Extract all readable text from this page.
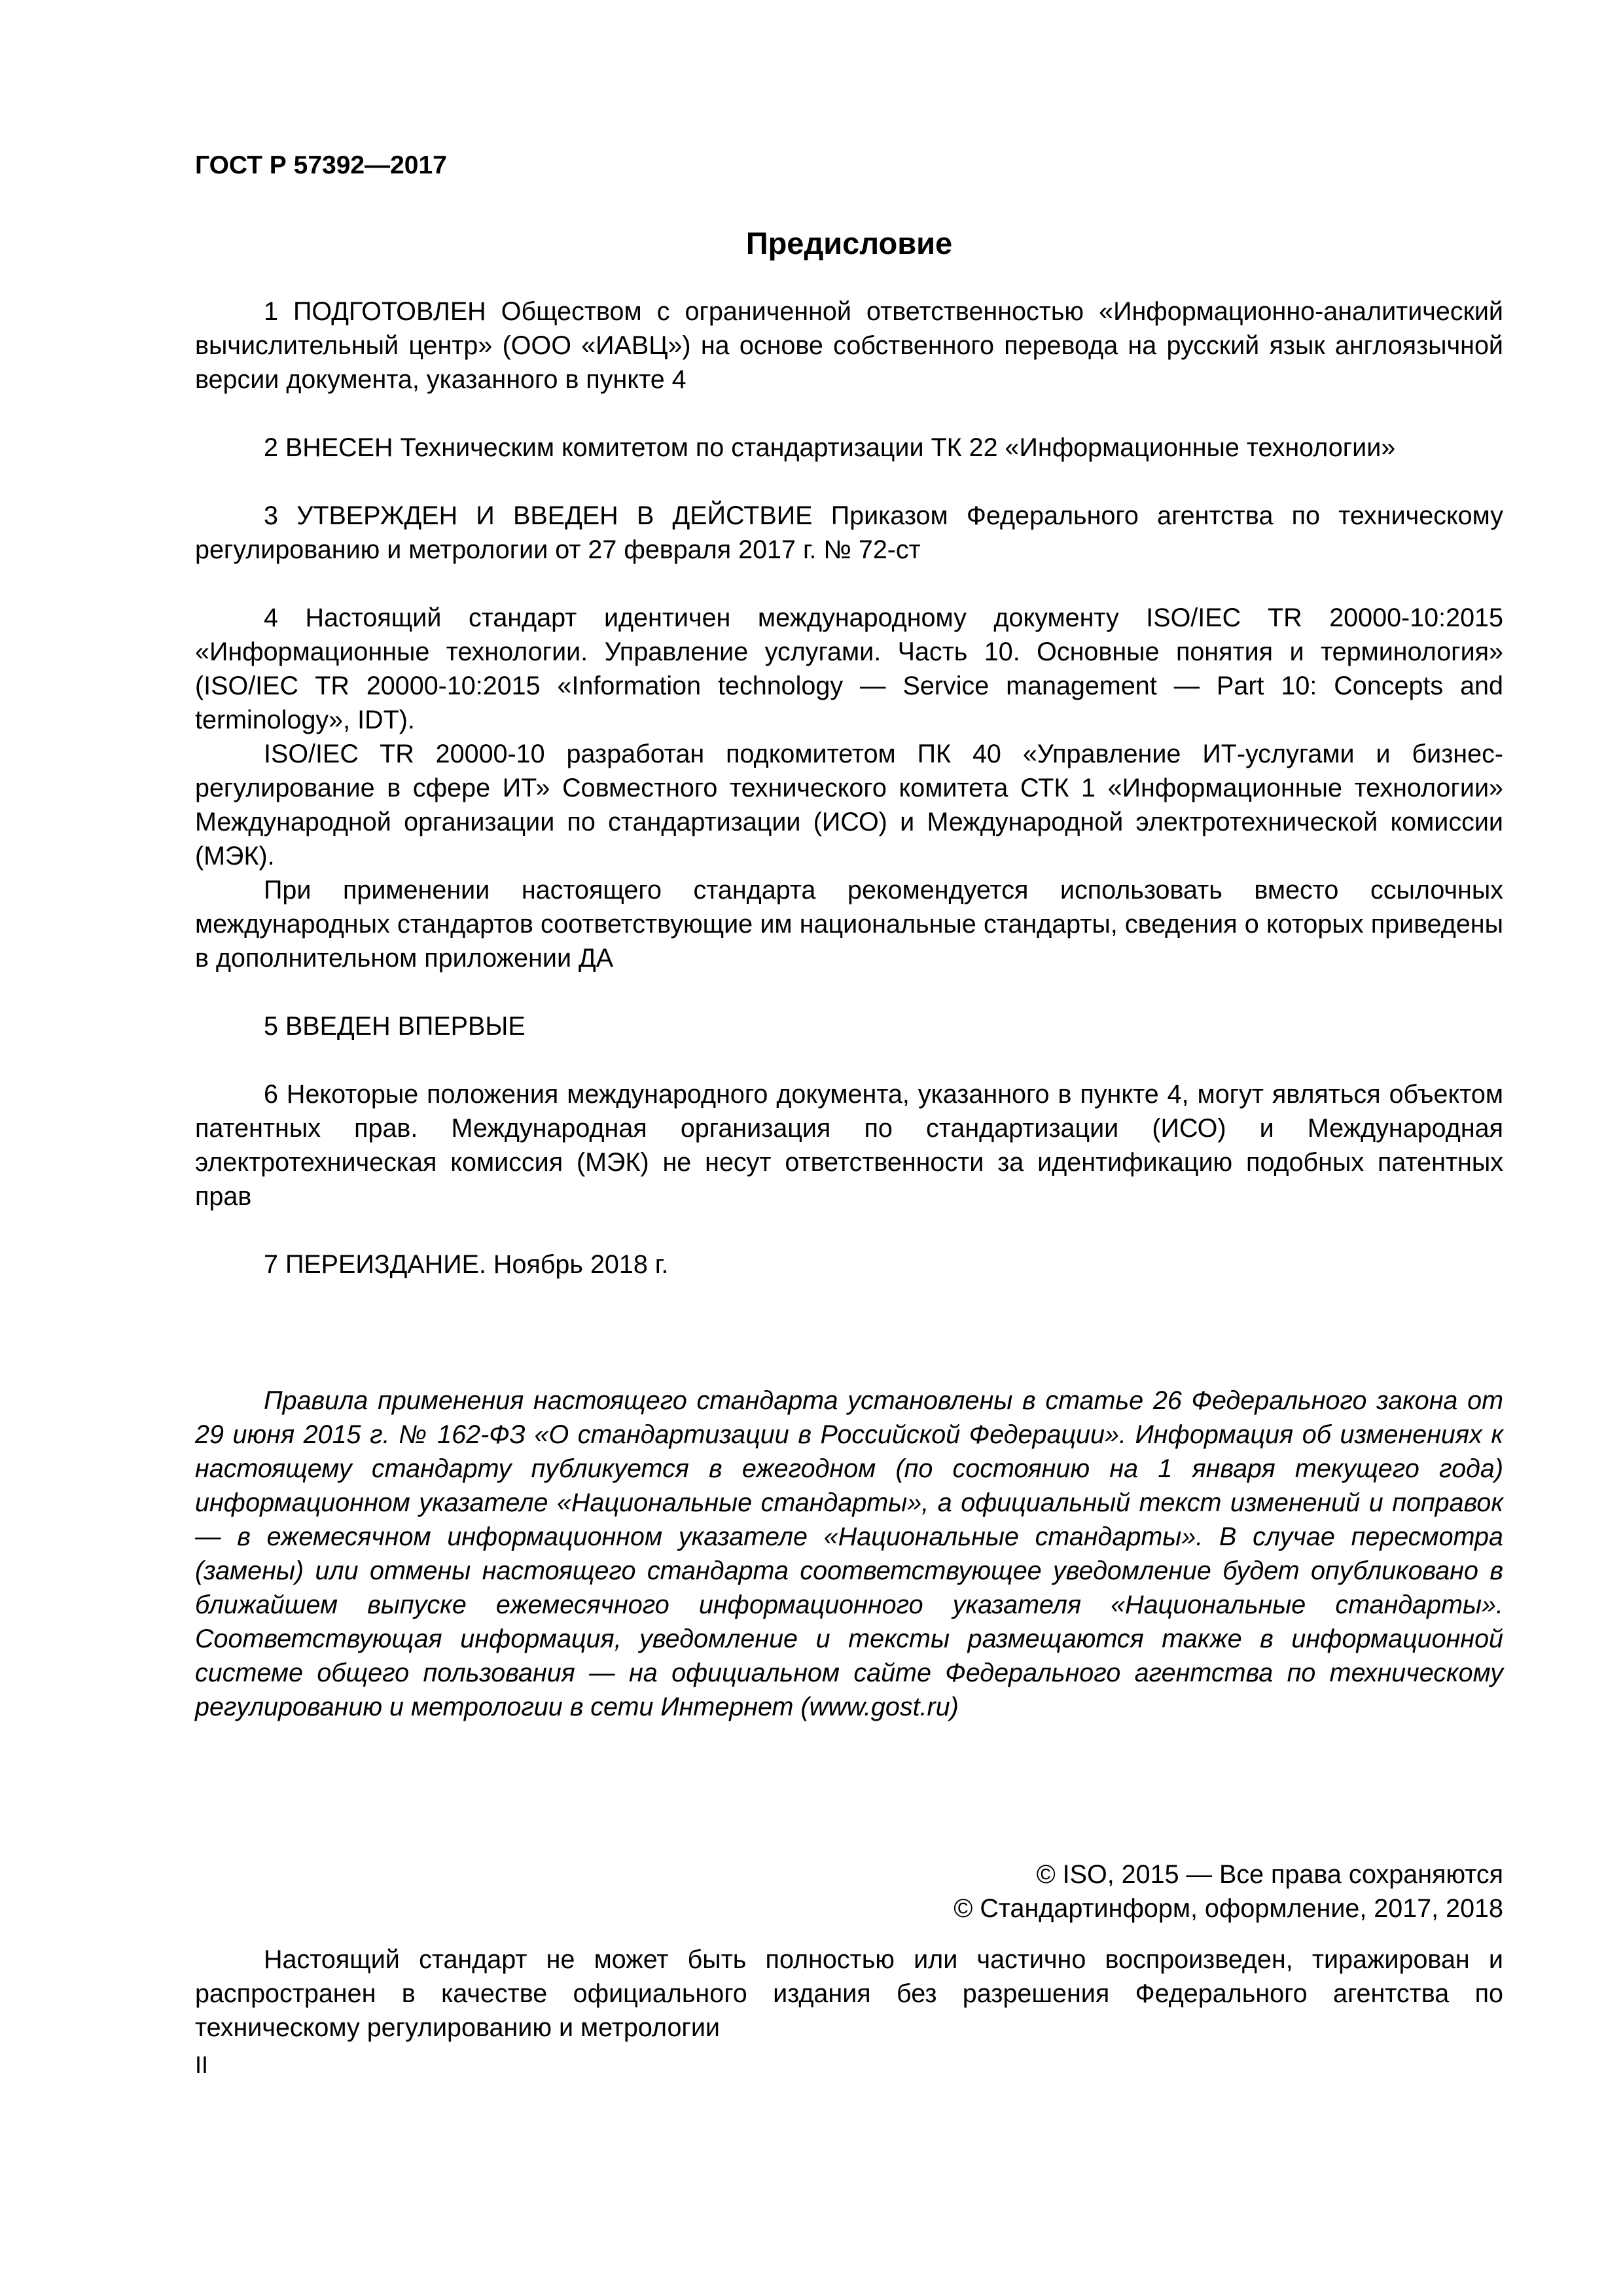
ГОСТ Р 57392—2017
Предисловие

1 ПОДГОТОВЛЕН Обществом с ограниченной ответственностью «Информационно-аналитический вычислительный центр» (ООО «ИАВЦ») на основе собственного перевода на русский язык англоязычной версии документа, указанного в пункте 4

2 ВНЕСЕН Техническим комитетом по стандартизации ТК 22 «Информационные технологии»

3 УТВЕРЖДЕН И ВВЕДЕН В ДЕЙСТВИЕ Приказом Федерального агентства по техническому регулированию и метрологии от 27 февраля 2017 г. № 72-ст

4 Настоящий стандарт идентичен международному документу ISO/IEC TR 20000-10:2015 «Информационные технологии. Управление услугами. Часть 10. Основные понятия и терминология» (ISO/IEC TR 20000-10:2015 «Information technology — Service management — Part 10: Concepts and terminology», IDT).

ISO/IEC TR 20000-10 разработан подкомитетом ПК 40 «Управление ИТ-услугами и бизнес-регулирование в сфере ИТ» Совместного технического комитета СТК 1 «Информационные технологии» Международной организации по стандартизации (ИСО) и Международной электротехнической комиссии (МЭК).

При применении настоящего стандарта рекомендуется использовать вместо ссылочных международных стандартов соответствующие им национальные стандарты, сведения о которых приведены в дополнительном приложении ДА

5 ВВЕДЕН ВПЕРВЫЕ

6 Некоторые положения международного документа, указанного в пункте 4, могут являться объектом патентных прав. Международная организация по стандартизации (ИСО) и Международная электротехническая комиссия (МЭК) не несут ответственности за идентификацию подобных патентных прав

7 ПЕРЕИЗДАНИЕ. Ноябрь 2018 г.

Правила применения настоящего стандарта установлены в статье 26 Федерального закона от 29 июня 2015 г. № 162-ФЗ «О стандартизации в Российской Федерации». Информация об изменениях к настоящему стандарту публикуется в ежегодном (по состоянию на 1 января текущего года) информационном указателе «Национальные стандарты», а официальный текст изменений и поправок — в ежемесячном информационном указателе «Национальные стандарты». В случае пересмотра (замены) или отмены настоящего стандарта соответствующее уведомление будет опубликовано в ближайшем выпуске ежемесячного информационного указателя «Национальные стандарты». Соответствующая информация, уведомление и тексты размещаются также в информационной системе общего пользования — на официальном сайте Федерального агентства по техническому регулированию и метрологии в сети Интернет (www.gost.ru)

© ISO, 2015 — Все права сохраняются
© Стандартинформ, оформление, 2017, 2018

Настоящий стандарт не может быть полностью или частично воспроизведен, тиражирован и распространен в качестве официального издания без разрешения Федерального агентства по техническому регулированию и метрологии

II
